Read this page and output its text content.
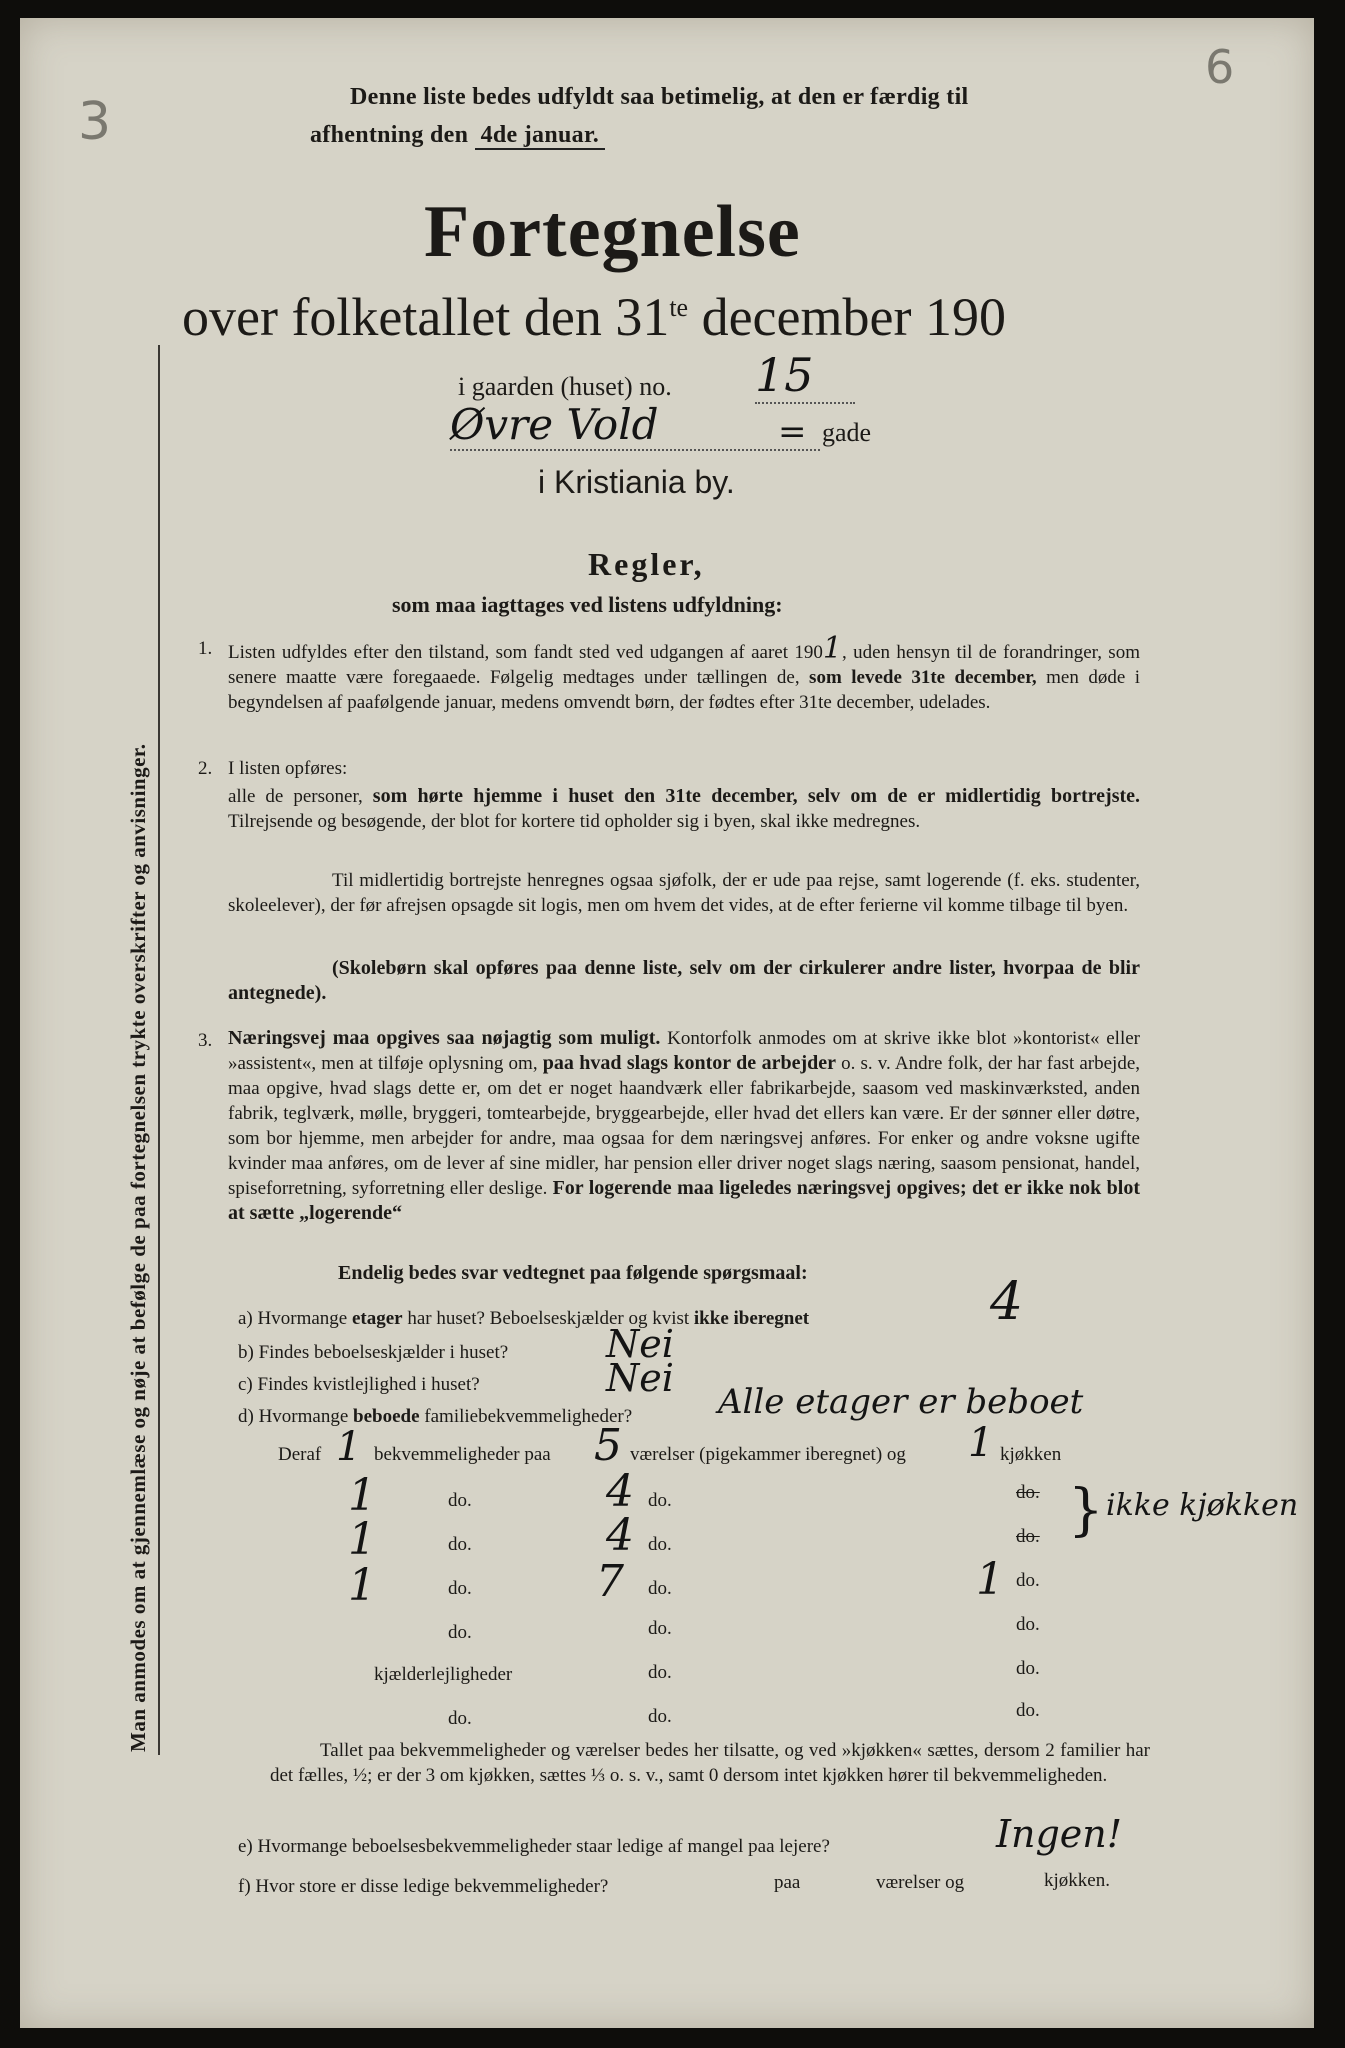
Man anmodes om at gjennemlæse og nøje at befølge de paa fortegnelsen trykte overskrifter og anvisninger.
3
6
Denne liste bedes udfyldt saa betimelig, at den er færdig til
afhentning den 4de januar.
Fortegnelse
over folketallet den $31^{te}$ december 190
i gaarden (huset) no. 15
Øvre Vold	= gade
i Kristiania by.
Regler,
som maa iagttages ved listens udfyldning:
1. Listen udfyldes efter den tilstand, som fandt sted ved udgangen af aaret 1901, uden hensyn til de forandringer, som senere maatte være foregaaede. Følgelig medtages under tællingen de, som levede 31te december, men døde i begyndelsen af paafølgende januar, medens omvendt børn, der fødtes efter 31te december, udelades.
2. I listen opføres:
alle de personer, som hørte hjemme i huset den 31te december, selv om de er midlertidig bortrejste. Tilrejsende og besøgende, der blot for kortere tid opholder sig i byen, skal ikke medregnes.
Til midlertidig bortrejste henregnes ogsaa sjøfolk, der er ude paa rejse, samt logerende (f. eks. studenter, skoleelever), der før afrejsen opsagde sit logis, men om hvem det vides, at de efter ferierne vil komme tilbage til byen.
(Skolebørn skal opføres paa denne liste, selv om der cirkulerer andre lister, hvorpaa de blir antegnede).
3. Næringsvej maa opgives saa nøjagtig som muligt. Kontorfolk anmodes om at skrive ikke blot »kontorist« eller »assistent«, men at tilføje oplysning om, paa hvad slags kontor de arbejder o. s. v. Andre folk, der har fast arbejde, maa opgive, hvad slags dette er, om det er noget haandværk eller fabrikarbejde, saasom ved maskinværksted, anden fabrik, teglværk, mølle, bryggeri, tomtearbejde, bryggearbejde, eller hvad det ellers kan være. Er der sønner eller døtre, som bor hjemme, men arbejder for andre, maa ogsaa for dem næringsvej anføres. For enker og andre voksne ugifte kvinder maa anføres, om de lever af sine midler, har pension eller driver noget slags næring, saasom pensionat, handel, spiseforretning, syforretning eller deslige. For logerende maa ligeledes næringsvej opgives; det er ikke nok blot at sætte „logerende“
Endelig bedes svar vedtegnet paa følgende spørgsmaal:
a) Hvormange etager har huset? Beboelseskjælder og kvist ikke iberegnet	4
b) Findes beboelseskjælder i huset?	Nei
c) Findes kvistlejlighed i huset?	Nei
d) Hvormange beboede familiebekvemmeligheder?	Alle etager er beboet
Deraf 1 bekvemmeligheder paa 5 værelser (pigekammer iberegnet) og 1 kjøkken
1	do.	4 do.	do.
1	do.	4 do.	do. } ikke kjøkken
1	do.	7 do.	1 do.
do.	do.	do.
kjælderlejligheder	do.	do.
do.	do.	do.
Tallet paa bekvemmeligheder og værelser bedes her tilsatte, og ved »kjøkken« sættes, dersom 2 familier har det fælles, ½; er der 3 om kjøkken, sættes ⅓ o. s. v., samt 0 dersom intet kjøkken hører til bekvemmeligheden.
e) Hvormange beboelsesbekvemmeligheder staar ledige af mangel paa lejere?	Ingen!
f) Hvor store er disse ledige bekvemmeligheder?	paa	værelser og	kjøkken.
